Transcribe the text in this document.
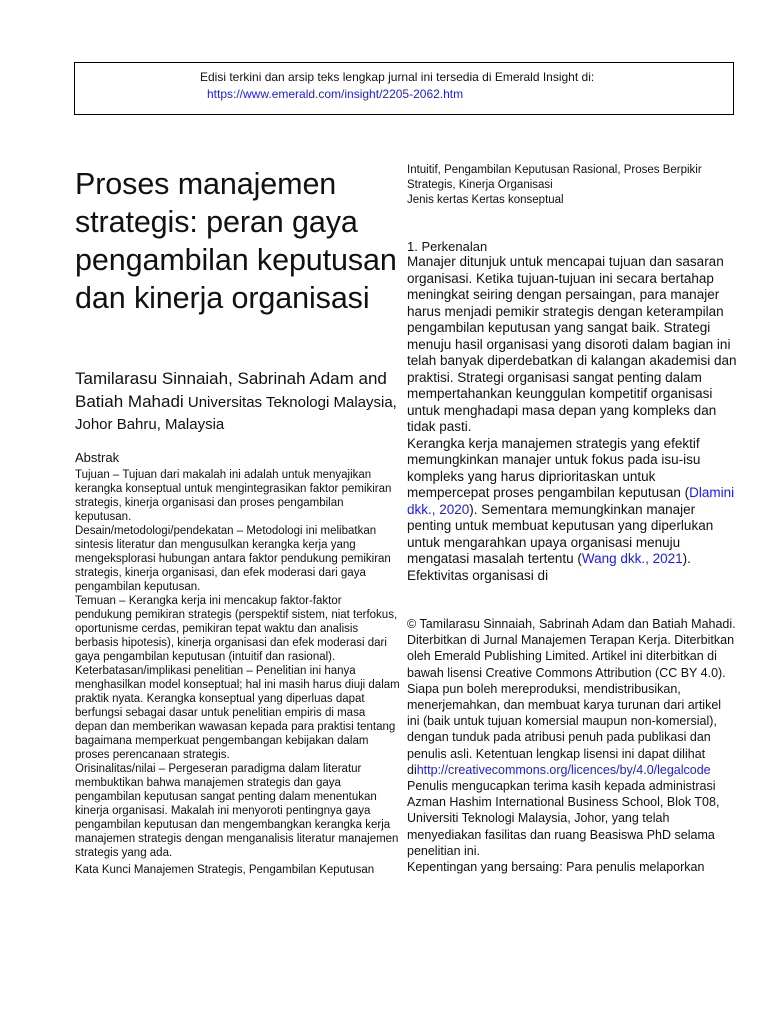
Edisi terkini dan arsip teks lengkap jurnal ini tersedia di Emerald Insight di:
https://www.emerald.com/insight/2205-2062.htm
Proses manajemen strategis: peran gaya pengambilan keputusan dan kinerja organisasi
Tamilarasu Sinnaiah, Sabrinah Adam and Batiah Mahadi Universitas Teknologi Malaysia, Johor Bahru, Malaysia
Abstrak

Tujuan – Tujuan dari makalah ini adalah untuk menyajikan kerangka konseptual untuk mengintegrasikan faktor pemikiran strategis, kinerja organisasi dan proses pengambilan keputusan.

Desain/metodologi/pendekatan – Metodologi ini melibatkan sintesis literatur dan mengusulkan kerangka kerja yang mengeksplorasi hubungan antara faktor pendukung pemikiran strategis, kinerja organisasi, dan efek moderasi dari gaya pengambilan keputusan.

Temuan – Kerangka kerja ini mencakup faktor-faktor pendukung pemikiran strategis (perspektif sistem, niat terfokus, oportunisme cerdas, pemikiran tepat waktu dan analisis berbasis hipotesis), kinerja organisasi dan efek moderasi dari gaya pengambilan keputusan (intuitif dan rasional).

Keterbatasan/implikasi penelitian – Penelitian ini hanya menghasilkan model konseptual; hal ini masih harus diuji dalam praktik nyata. Kerangka konseptual yang diperluas dapat berfungsi sebagai dasar untuk penelitian empiris di masa depan dan memberikan wawasan kepada para praktisi tentang bagaimana memperkuat pengembangan kebijakan dalam proses perencanaan strategis.

Orisinalitas/nilai – Pergeseran paradigma dalam literatur membuktikan bahwa manajemen strategis dan gaya pengambilan keputusan sangat penting dalam menentukan kinerja organisasi. Makalah ini menyoroti pentingnya gaya pengambilan keputusan dan mengembangkan kerangka kerja manajemen strategis dengan menganalisis literatur manajemen strategis yang ada.

Kata Kunci Manajemen Strategis, Pengambilan Keputusan

Intuitif, Pengambilan Keputusan Rasional, Proses Berpikir Strategis, Kinerja Organisasi

Jenis kertas Kertas konseptual

1. Perkenalan

Manajer ditunjuk untuk mencapai tujuan dan sasaran organisasi. Ketika tujuan-tujuan ini secara bertahap meningkat seiring dengan persaingan, para manajer harus menjadi pemikir strategis dengan keterampilan pengambilan keputusan yang sangat baik. Strategi menuju hasil organisasi yang disoroti dalam bagian ini telah banyak diperdebatkan di kalangan akademisi dan praktisi. Strategi organisasi sangat penting dalam mempertahankan keunggulan kompetitif organisasi untuk menghadapi masa depan yang kompleks dan tidak pasti.

Kerangka kerja manajemen strategis yang efektif memungkinkan manajer untuk fokus pada isu-isu kompleks yang harus diprioritaskan untuk mempercepat proses pengambilan keputusan (Dlamini dkk., 2020). Sementara memungkinkan manajer penting untuk membuat keputusan yang diperlukan untuk mengarahkan upaya organisasi menuju mengatasi masalah tertentu (Wang dkk., 2021). Efektivitas organisasi di

© Tamilarasu Sinnaiah, Sabrinah Adam dan Batiah Mahadi. Diterbitkan di Jurnal Manajemen Terapan Kerja. Diterbitkan oleh Emerald Publishing Limited. Artikel ini diterbitkan di bawah lisensi Creative Commons Attribution (CC BY 4.0). Siapa pun boleh mereproduksi, mendistribusikan, menerjemahkan, dan membuat karya turunan dari artikel ini (baik untuk tujuan komersial maupun non-komersial), dengan tunduk pada atribusi penuh pada publikasi dan penulis asli. Ketentuan lengkap lisensi ini dapat dilihat dihttp://creativecommons.org/licences/by/4.0/legalcode

Penulis mengucapkan terima kasih kepada administrasi Azman Hashim International Business School, Blok T08, Universiti Teknologi Malaysia, Johor, yang telah menyediakan fasilitas dan ruang Beasiswa PhD selama penelitian ini.

Kepentingan yang bersaing: Para penulis melaporkan
